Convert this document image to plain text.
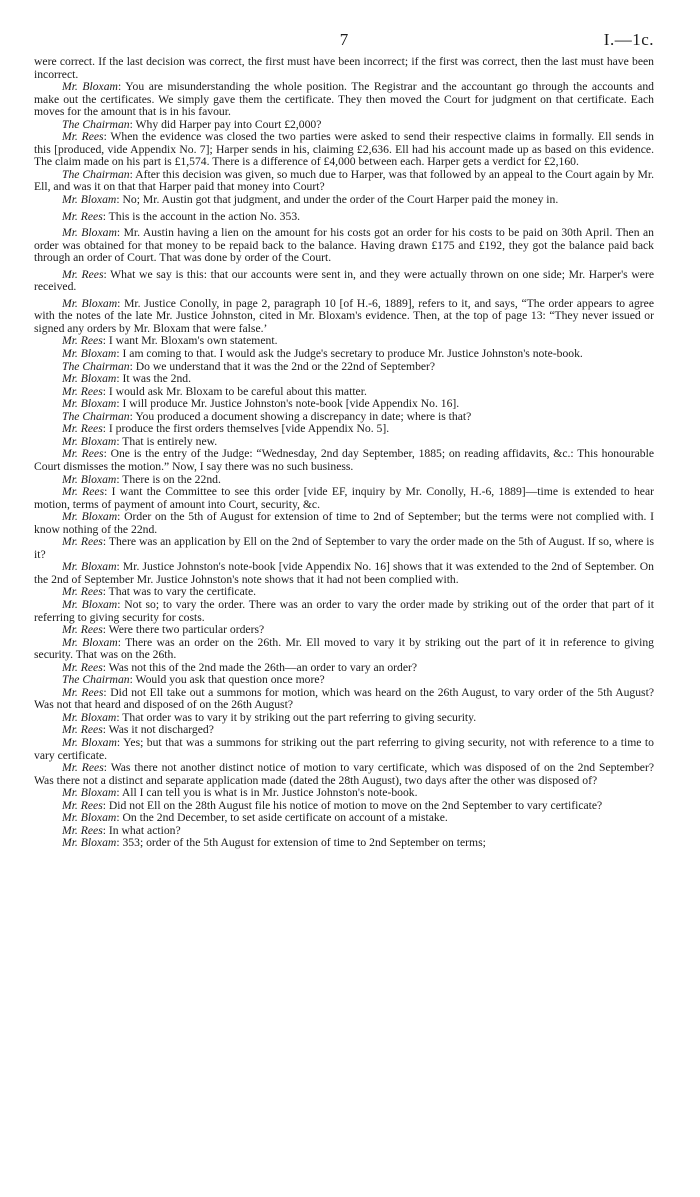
7	I.—1c.

were correct. If the last decision was correct, the first must have been incorrect; if the first was correct, then the last must have been incorrect.

Mr. Bloxam: You are misunderstanding the whole position. The Registrar and the accountant go through the accounts and make out the certificates. We simply gave them the certificate. They then moved the Court for judgment on that certificate. Each moves for the amount that is in his favour.

The Chairman: Why did Harper pay into Court £2,000?

Mr. Rees: When the evidence was closed the two parties were asked to send their respective claims in formally. Ell sends in this [produced, vide Appendix No. 7]; Harper sends in his, claiming £2,636. Ell had his account made up as based on this evidence. The claim made on his part is £1,574. There is a difference of £4,000 between each. Harper gets a verdict for £2,160.

The Chairman: After this decision was given, so much due to Harper, was that followed by an appeal to the Court again by Mr. Ell, and was it on that that Harper paid that money into Court?

Mr. Bloxam: No; Mr. Austin got that judgment, and under the order of the Court Harper paid the money in.

Mr. Rees: This is the account in the action No. 353.

Mr. Bloxam: Mr. Austin having a lien on the amount for his costs got an order for his costs to be paid on 30th April. Then an order was obtained for that money to be repaid back to the balance. Having drawn £175 and £192, they got the balance paid back through an order of Court. That was done by order of the Court.

Mr. Rees: What we say is this: that our accounts were sent in, and they were actually thrown on one side; Mr. Harper's were received.

Mr. Bloxam: Mr. Justice Conolly, in page 2, paragraph 10 [of H.-6, 1889], refers to it, and says, “The order appears to agree with the notes of the late Mr. Justice Johnston, cited in Mr. Bloxam's evidence. Then, at the top of page 13: “They never issued or signed any orders by Mr. Bloxam that were false.’

Mr. Rees: I want Mr. Bloxam's own statement.

Mr. Bloxam: I am coming to that. I would ask the Judge's secretary to produce Mr. Justice Johnston's note-book.

The Chairman: Do we understand that it was the 2nd or the 22nd of September?

Mr. Bloxam: It was the 2nd.

Mr. Rees: I would ask Mr. Bloxam to be careful about this matter.

Mr. Bloxam: I will produce Mr. Justice Johnston's note-book [vide Appendix No. 16].

The Chairman: You produced a document showing a discrepancy in date; where is that?

Mr. Rees: I produce the first orders themselves [vide Appendix No. 5].

Mr. Bloxam: That is entirely new.

Mr. Rees: One is the entry of the Judge: “Wednesday, 2nd day September, 1885; on reading affidavits, &c.: This honourable Court dismisses the motion.” Now, I say there was no such business.

Mr. Bloxam: There is on the 22nd.

Mr. Rees: I want the Committee to see this order [vide EF, inquiry by Mr. Conolly, H.-6, 1889]—time is extended to hear motion, terms of payment of amount into Court, security, &c.

Mr. Bloxam: Order on the 5th of August for extension of time to 2nd of September; but the terms were not complied with. I know nothing of the 22nd.

Mr. Rees: There was an application by Ell on the 2nd of September to vary the order made on the 5th of August. If so, where is it?

Mr. Bloxam: Mr. Justice Johnston's note-book [vide Appendix No. 16] shows that it was extended to the 2nd of September. On the 2nd of September Mr. Justice Johnston's note shows that it had not been complied with.

Mr. Rees: That was to vary the certificate.

Mr. Bloxam: Not so; to vary the order. There was an order to vary the order made by striking out of the order that part of it referring to giving security for costs.

Mr. Rees: Were there two particular orders?

Mr. Bloxam: There was an order on the 26th. Mr. Ell moved to vary it by striking out the part of it in reference to giving security. That was on the 26th.

Mr. Rees: Was not this of the 2nd made the 26th—an order to vary an order?

The Chairman: Would you ask that question once more?

Mr. Rees: Did not Ell take out a summons for motion, which was heard on the 26th August, to vary order of the 5th August? Was not that heard and disposed of on the 26th August?

Mr. Bloxam: That order was to vary it by striking out the part referring to giving security.

Mr. Rees: Was it not discharged?

Mr. Bloxam: Yes; but that was a summons for striking out the part referring to giving security, not with reference to a time to vary certificate.

Mr. Rees: Was there not another distinct notice of motion to vary certificate, which was disposed of on the 2nd September? Was there not a distinct and separate application made (dated the 28th August), two days after the other was disposed of?

Mr. Bloxam: All I can tell you is what is in Mr. Justice Johnston's note-book.

Mr. Rees: Did not Ell on the 28th August file his notice of motion to move on the 2nd September to vary certificate?

Mr. Bloxam: On the 2nd December, to set aside certificate on account of a mistake.

Mr. Rees: In what action?

Mr. Bloxam: 353; order of the 5th August for extension of time to 2nd September on terms;
